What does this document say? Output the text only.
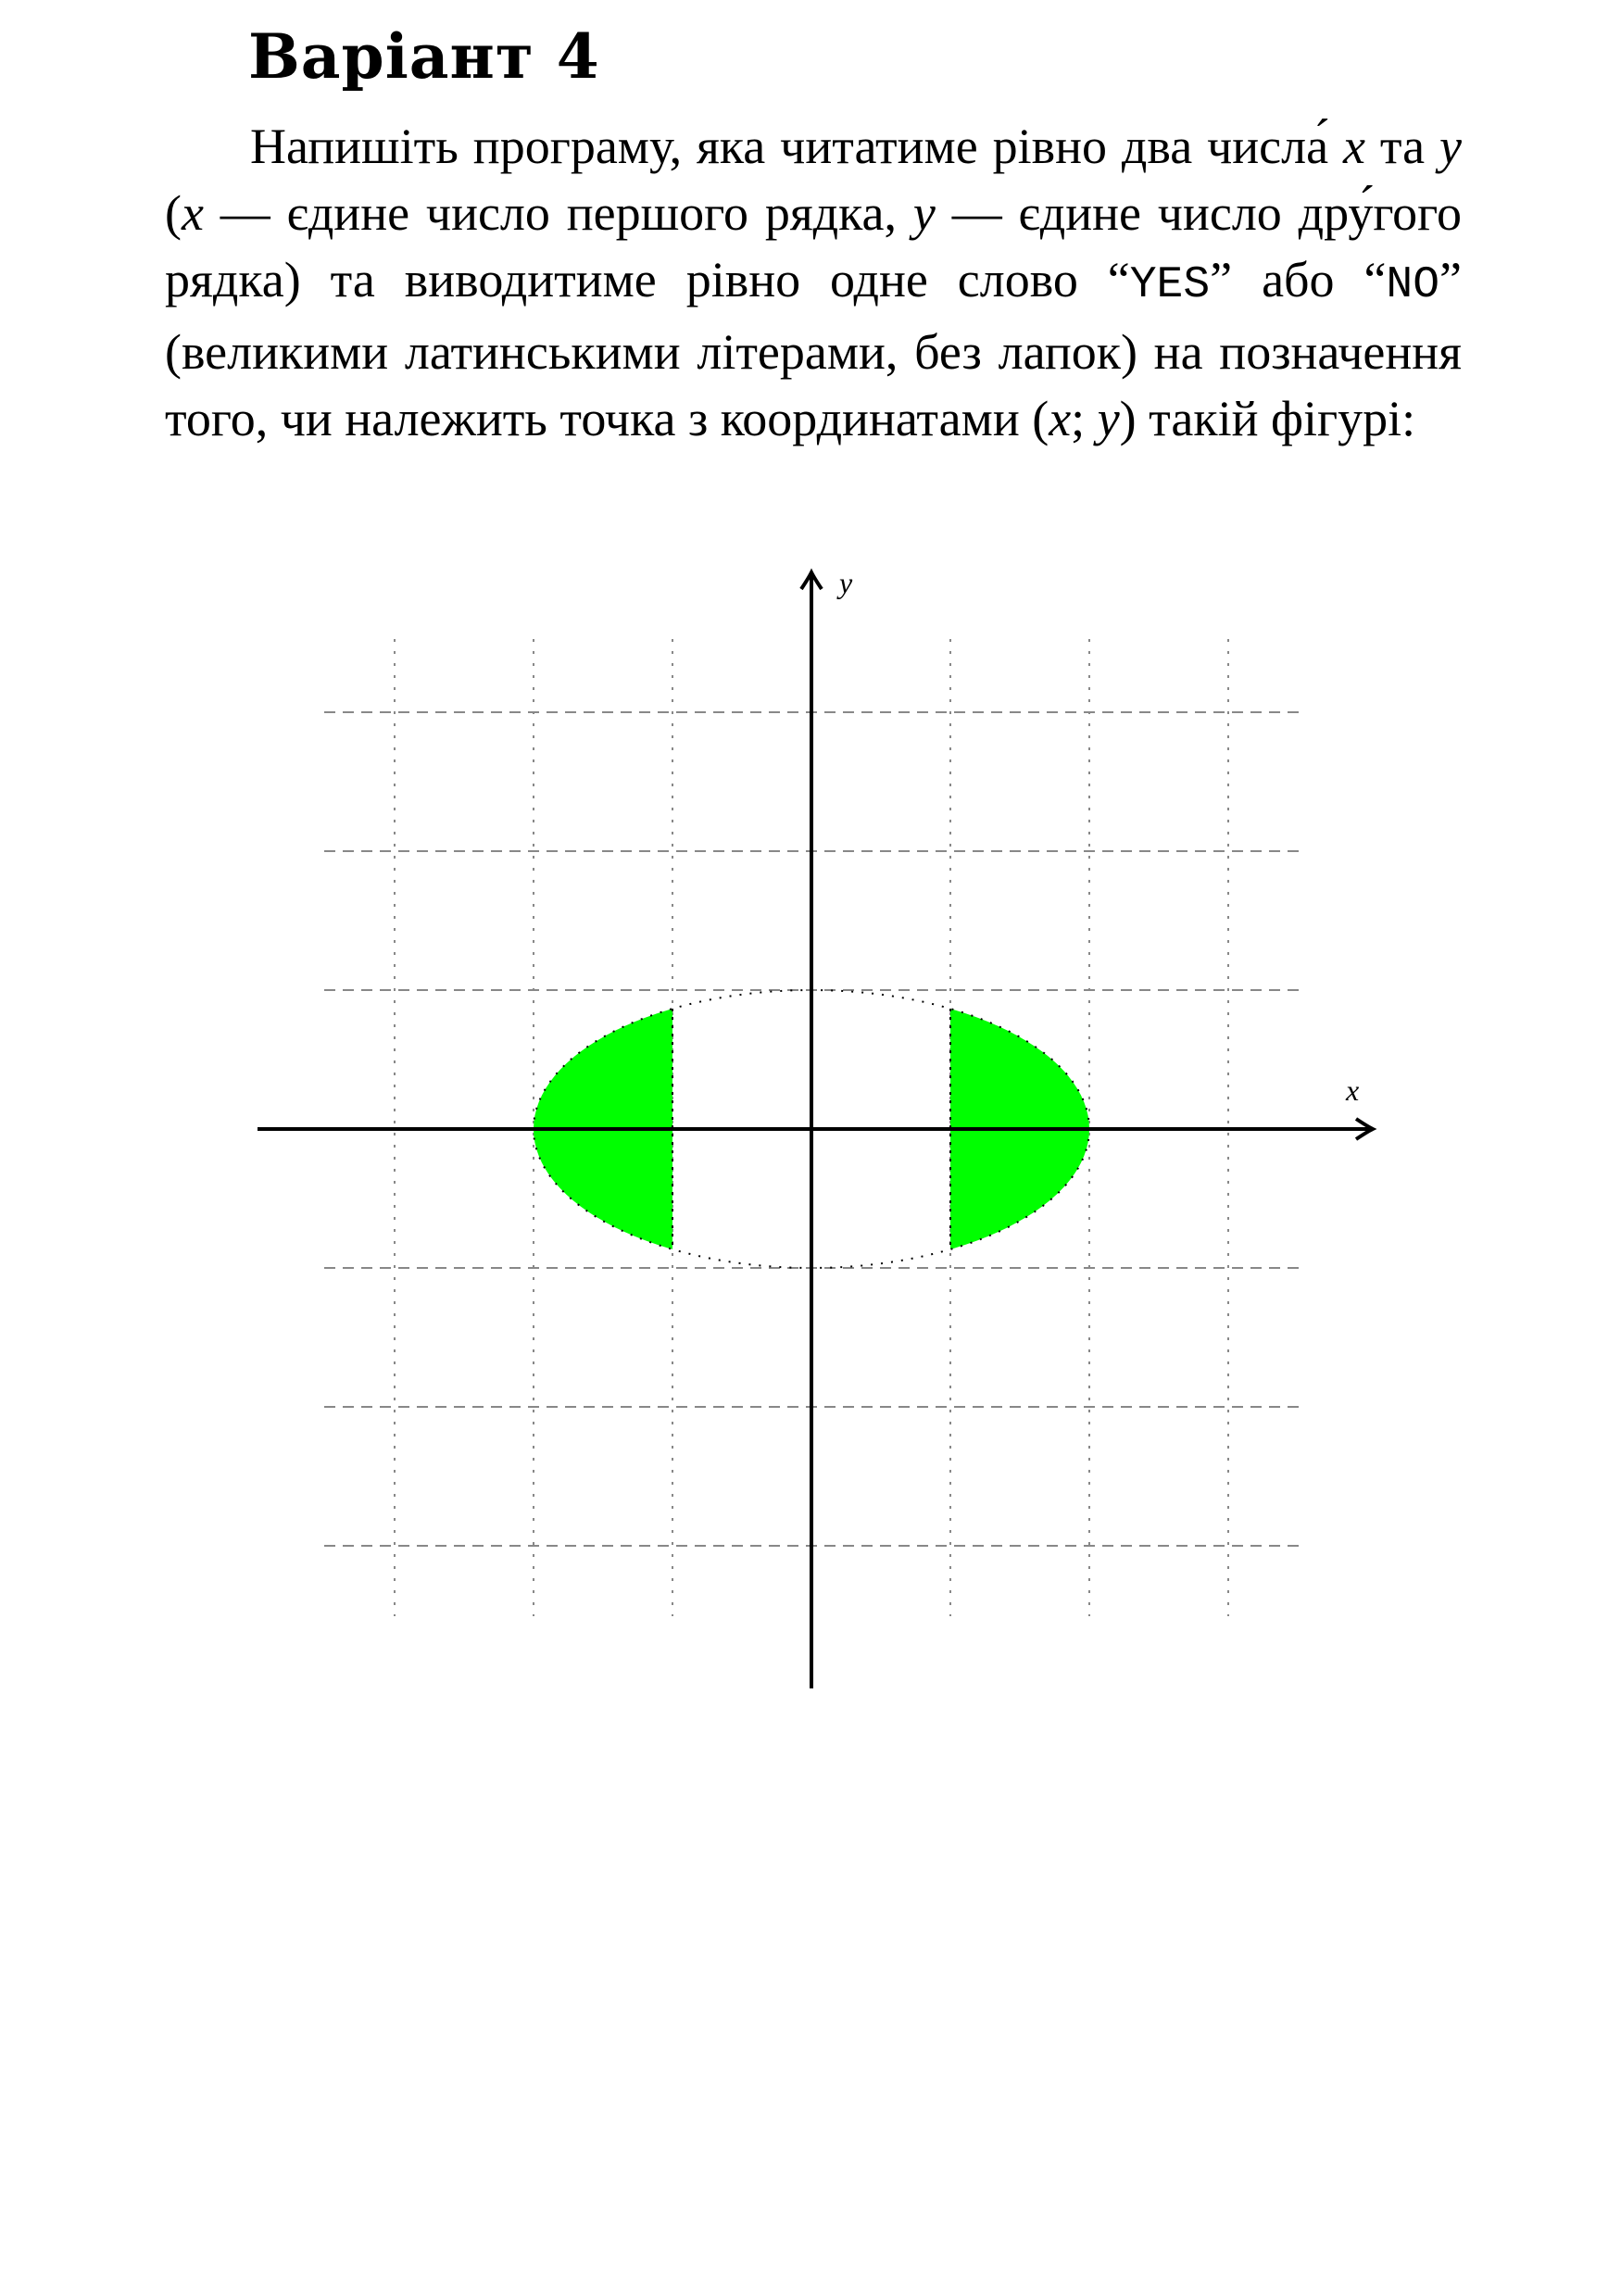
Варіант 4

Напишіть програму, яка читатиме рівно два числа́ x та y (x — єдине число першого рядка, y — єдине число дру́гого рядка) та виводитиме рівно одне слово “YES” або “NO” (великими латинськими літерами, без лапок) на позначення того, чи належить точка з координатами (x; y) такій фігурі:

x
y
